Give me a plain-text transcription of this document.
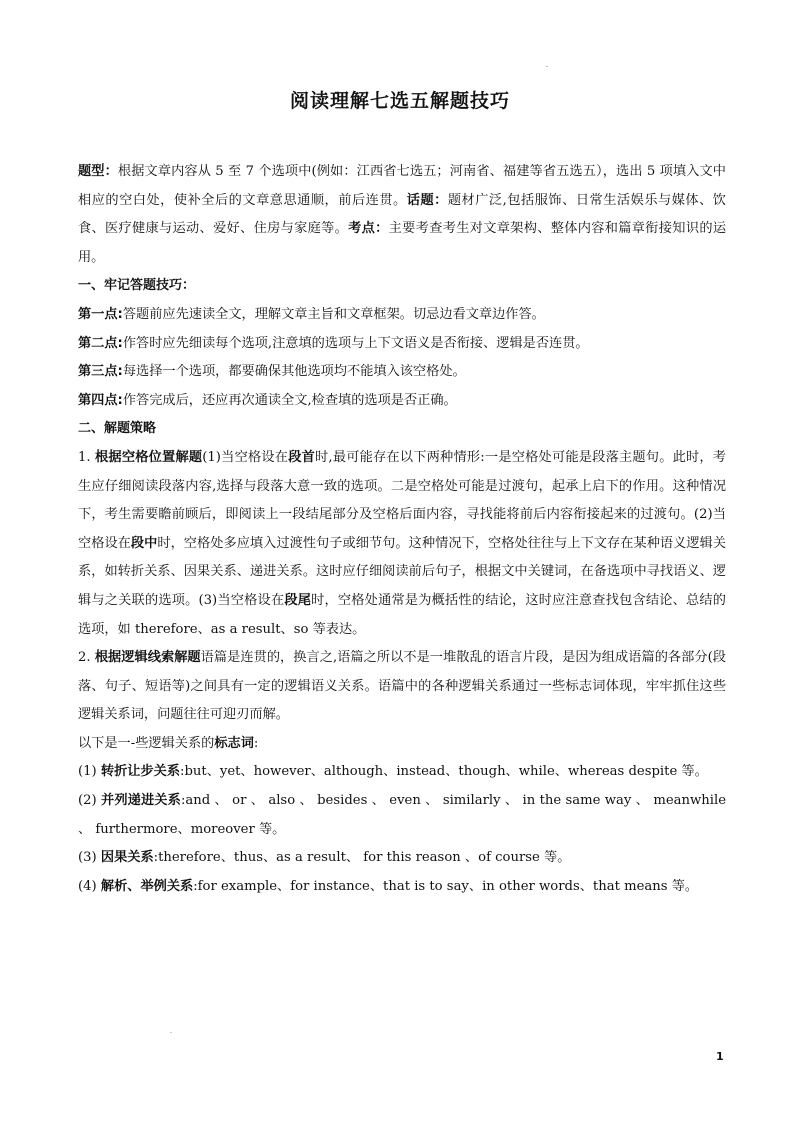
阅读理解七选五解题技巧

题型：根据文章内容从 5 至 7 个选项中(例如：江西省七选五；河南省、福建等省五选五），选出 5 项填入文中相应的空白处，使补全后的文章意思通顺，前后连贯。话题：题材广泛,包括服饰、日常生活娱乐与媒体、饮食、医疗健康与运动、爱好、住房与家庭等。考点：主要考查考生对文章架构、整体内容和篇章衔接知识的运用。

一、牢记答题技巧：

第一点:答题前应先速读全文，理解文章主旨和文章框架。切忌边看文章边作答。

第二点:作答时应先细读每个选项,注意填的选项与上下文语义是否衔接、逻辑是否连贯。

第三点:每选择一个选项，都要确保其他选项均不能填入该空格处。

第四点:作答完成后，还应再次通读全文,检查填的选项是否正确。

二、解题策略

1. 根据空格位置解题(1)当空格设在段首时,最可能存在以下两种情形:一是空格处可能是段落主题句。此时，考生应仔细阅读段落内容,选择与段落大意一致的选项。二是空格处可能是过渡句，起承上启下的作用。这种情况下，考生需要瞻前顾后，即阅读上一段结尾部分及空格后面内容，寻找能将前后内容衔接起来的过渡句。(2)当空格设在段中时，空格处多应填入过渡性句子或细节句。这种情况下，空格处往往与上下文存在某种语义逻辑关系，如转折关系、因果关系、递进关系。这时应仔细阅读前后句子，根据文中关键词，在备选项中寻找语义、逻辑与之关联的选项。(3)当空格设在段尾时，空格处通常是为概括性的结论，这时应注意查找包含结论、总结的选项，如 therefore、as a result、so 等表达。

2. 根据逻辑线索解题语篇是连贯的，换言之,语篇之所以不是一堆散乱的语言片段，是因为组成语篇的各部分(段落、句子、短语等)之间具有一定的逻辑语义关系。语篇中的各种逻辑关系通过一些标志词体现，牢牢抓住这些逻辑关系词，问题往往可迎刃而解。

以下是一-些逻辑关系的标志词:

(1) 转折让步关系:but、yet、however、although、instead、though、while、whereas despite 等。

(2) 并列递进关系:and 、 or 、 also 、 besides 、 even 、 similarly 、 in the same way 、 meanwhile 、 furthermore、moreover 等。

(3) 因果关系:therefore、thus、as a result、 for this reason 、of course 等。

(4) 解析、举例关系:for example、for instance、that is to say、in other words、that means 等。

1
